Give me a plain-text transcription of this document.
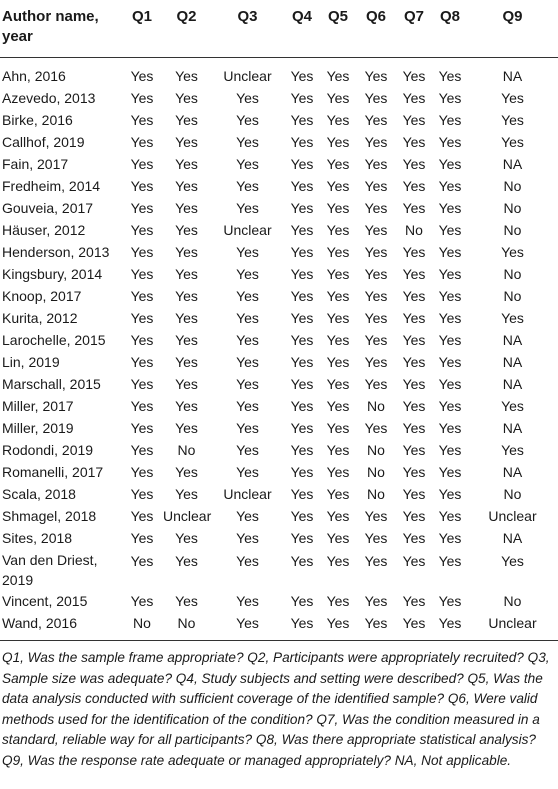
Author name, year	Q1	Q2	Q3	Q4	Q5	Q6	Q7	Q8	Q9
Ahn, 2016	Yes	Yes	Unclear	Yes	Yes	Yes	Yes	Yes	NA
Azevedo, 2013	Yes	Yes	Yes	Yes	Yes	Yes	Yes	Yes	Yes
Birke, 2016	Yes	Yes	Yes	Yes	Yes	Yes	Yes	Yes	Yes
Callhof, 2019	Yes	Yes	Yes	Yes	Yes	Yes	Yes	Yes	Yes
Fain, 2017	Yes	Yes	Yes	Yes	Yes	Yes	Yes	Yes	NA
Fredheim, 2014	Yes	Yes	Yes	Yes	Yes	Yes	Yes	Yes	No
Gouveia, 2017	Yes	Yes	Yes	Yes	Yes	Yes	Yes	Yes	No
Häuser, 2012	Yes	Yes	Unclear	Yes	Yes	Yes	No	Yes	No
Henderson, 2013	Yes	Yes	Yes	Yes	Yes	Yes	Yes	Yes	Yes
Kingsbury, 2014	Yes	Yes	Yes	Yes	Yes	Yes	Yes	Yes	No
Knoop, 2017	Yes	Yes	Yes	Yes	Yes	Yes	Yes	Yes	No
Kurita, 2012	Yes	Yes	Yes	Yes	Yes	Yes	Yes	Yes	Yes
Larochelle, 2015	Yes	Yes	Yes	Yes	Yes	Yes	Yes	Yes	NA
Lin, 2019	Yes	Yes	Yes	Yes	Yes	Yes	Yes	Yes	NA
Marschall, 2015	Yes	Yes	Yes	Yes	Yes	Yes	Yes	Yes	NA
Miller, 2017	Yes	Yes	Yes	Yes	Yes	No	Yes	Yes	Yes
Miller, 2019	Yes	Yes	Yes	Yes	Yes	Yes	Yes	Yes	NA
Rodondi, 2019	Yes	No	Yes	Yes	Yes	No	Yes	Yes	Yes
Romanelli, 2017	Yes	Yes	Yes	Yes	Yes	No	Yes	Yes	NA
Scala, 2018	Yes	Yes	Unclear	Yes	Yes	No	Yes	Yes	No
Shmagel, 2018	Yes	Unclear	Yes	Yes	Yes	Yes	Yes	Yes	Unclear
Sites, 2018	Yes	Yes	Yes	Yes	Yes	Yes	Yes	Yes	NA
Van den Driest, 2019	Yes	Yes	Yes	Yes	Yes	Yes	Yes	Yes	Yes
Vincent, 2015	Yes	Yes	Yes	Yes	Yes	Yes	Yes	Yes	No
Wand, 2016	No	No	Yes	Yes	Yes	Yes	Yes	Yes	Unclear

Q1, Was the sample frame appropriate? Q2, Participants were appropriately recruited? Q3, Sample size was adequate? Q4, Study subjects and setting were described? Q5, Was the data analysis conducted with sufficient coverage of the identified sample? Q6, Were valid methods used for the identification of the condition? Q7, Was the condition measured in a standard, reliable way for all participants? Q8, Was there appropriate statistical analysis? Q9, Was the response rate adequate or managed appropriately? NA, Not applicable.
